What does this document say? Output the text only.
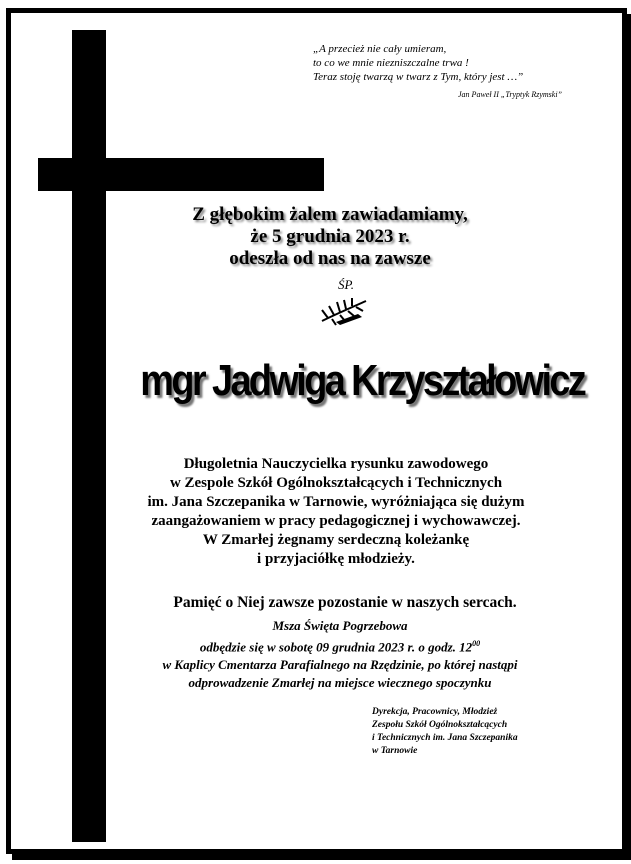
„A przecież nie cały umieram,
to co we mnie niezniszczalne trwa !
Teraz stoję twarzą w twarz z Tym, który jest …”
Jan Paweł II „Tryptyk Rzymski”
Z głębokim żalem zawiadamiamy,
że 5 grudnia 2023 r.
odeszła od nas na zawsze
ŚP.
mgr Jadwiga Krzyształowicz
Długoletnia Nauczycielka rysunku zawodowego
w Zespole Szkół Ogólnokształcących i Technicznych
im. Jana Szczepanika w Tarnowie, wyróżniająca się dużym
zaangażowaniem w pracy pedagogicznej i wychowawczej.
W Zmarłej żegnamy serdeczną koleżankę
i przyjaciółkę młodzieży.
Pamięć o Niej zawsze pozostanie w naszych sercach.
Msza Święta Pogrzebowa
odbędzie się w sobotę 09 grudnia 2023 r. o godz. $12^{00}$
w Kaplicy Cmentarza Parafialnego na Rzędzinie, po której nastąpi
odprowadzenie Zmarłej na miejsce wiecznego spoczynku
Dyrekcja, Pracownicy, Młodzież
Zespołu Szkół Ogólnokształcących
i Technicznych im. Jana Szczepanika
w Tarnowie
